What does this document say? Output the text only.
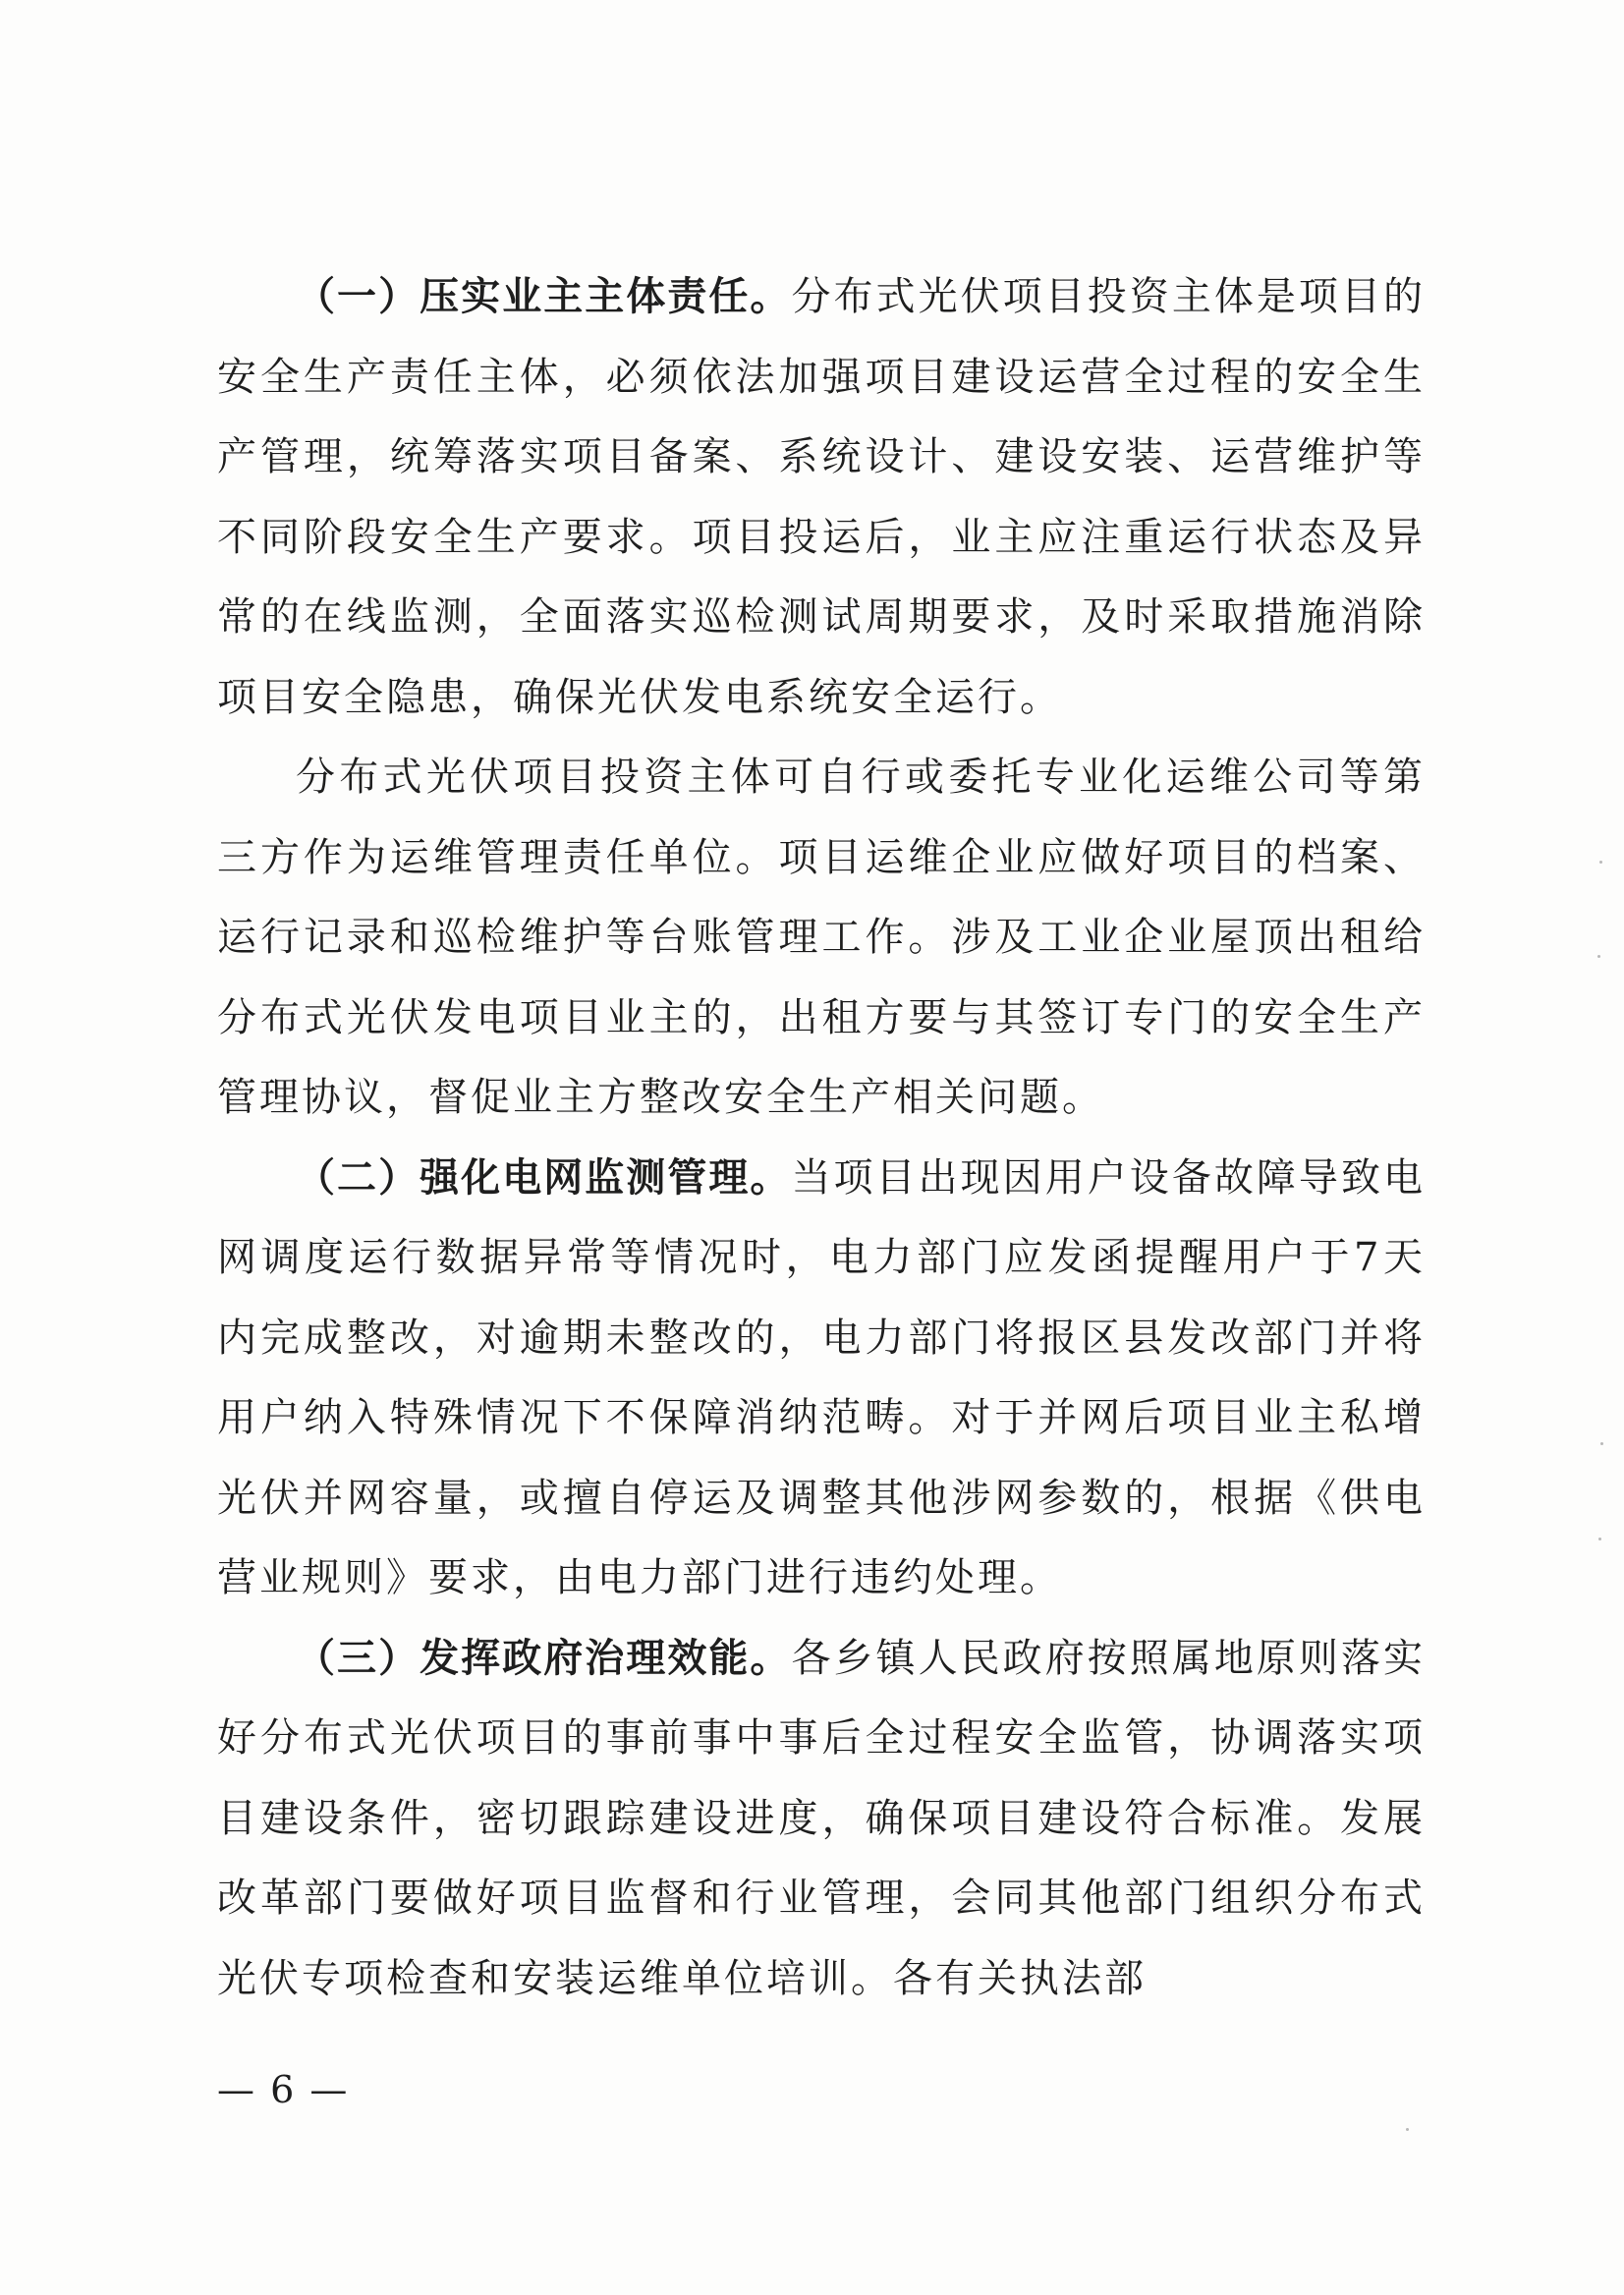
（一）压实业主主体责任。分布式光伏项目投资主体是项目的安全生产责任主体，必须依法加强项目建设运营全过程的安全生产管理，统筹落实项目备案、系统设计、建设安装、运营维护等不同阶段安全生产要求。项目投运后，业主应注重运行状态及异常的在线监测，全面落实巡检测试周期要求，及时采取措施消除项目安全隐患，确保光伏发电系统安全运行。

分布式光伏项目投资主体可自行或委托专业化运维公司等第三方作为运维管理责任单位。项目运维企业应做好项目的档案、运行记录和巡检维护等台账管理工作。涉及工业企业屋顶出租给分布式光伏发电项目业主的，出租方要与其签订专门的安全生产管理协议，督促业主方整改安全生产相关问题。

（二）强化电网监测管理。当项目出现因用户设备故障导致电网调度运行数据异常等情况时，电力部门应发函提醒用户于7天内完成整改，对逾期未整改的，电力部门将报区县发改部门并将用户纳入特殊情况下不保障消纳范畴。对于并网后项目业主私增光伏并网容量，或擅自停运及调整其他涉网参数的，根据《供电营业规则》要求，由电力部门进行违约处理。

（三）发挥政府治理效能。各乡镇人民政府按照属地原则落实好分布式光伏项目的事前事中事后全过程安全监管，协调落实项目建设条件，密切跟踪建设进度，确保项目建设符合标准。发展改革部门要做好项目监督和行业管理，会同其他部门组织分布式光伏专项检查和安装运维单位培训。各有关执法部

— 6 —
